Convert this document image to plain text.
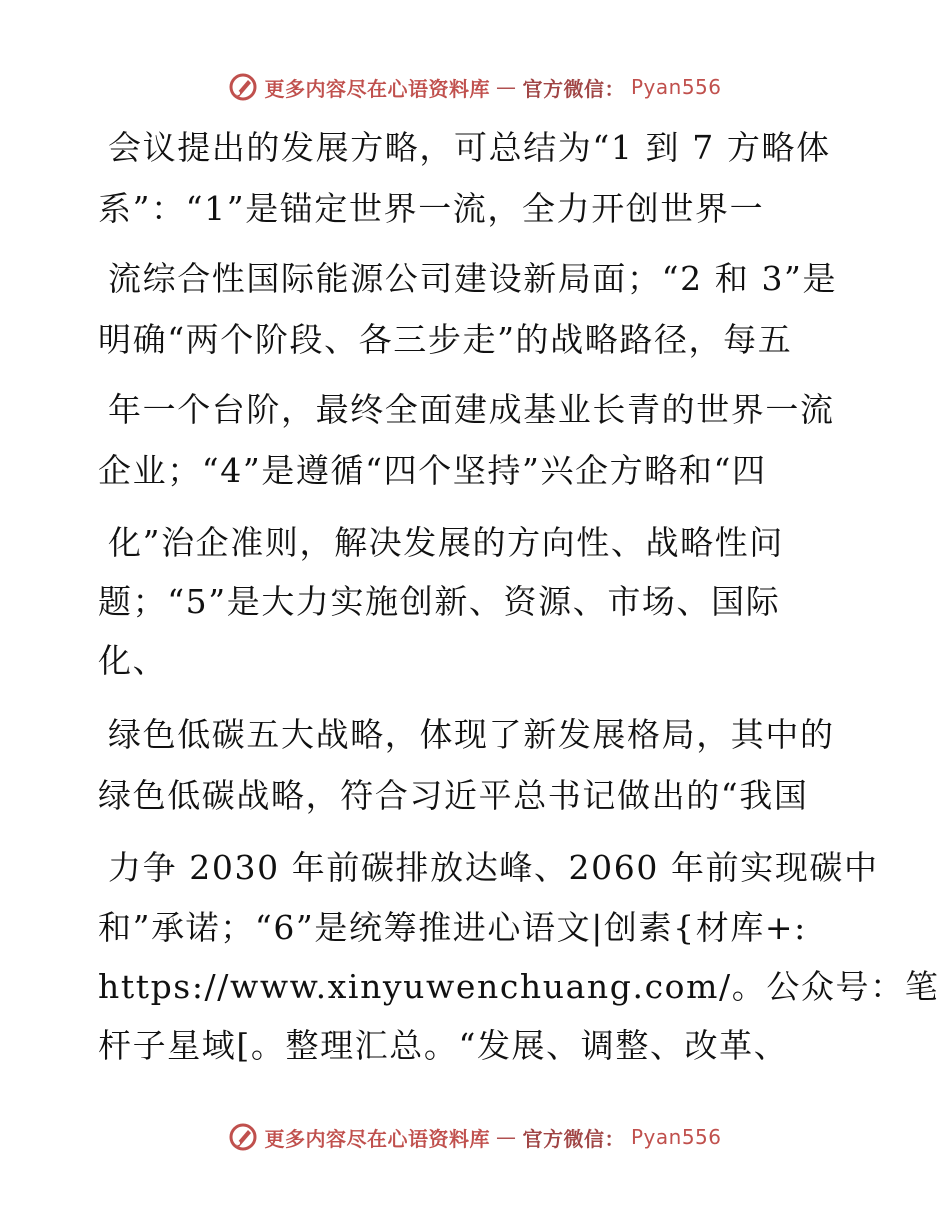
更多内容尽在心语资料库 — 官方微信： Pyan556
会议提出的发展方略，可总结为“1 到 7 方略体
系”：“1”是锚定世界一流，全力开创世界一
流综合性国际能源公司建设新局面；“2 和 3”是
明确“两个阶段、各三步走”的战略路径，每五
年一个台阶，最终全面建成基业长青的世界一流
企业；“4”是遵循“四个坚持”兴企方略和“四
化”治企准则，解决发展的方向性、战略性问
题；“5”是大力实施创新、资源、市场、国际
化、
绿色低碳五大战略，体现了新发展格局，其中的
绿色低碳战略，符合习近平总书记做出的“我国
力争 2030 年前碳排放达峰、2060 年前实现碳中
和”承诺；“6”是统筹推进心语文|创素{材库+:
https://www.xinyuwenchuang.com/。公众号：笔
杆子星域[。整理汇总。“发展、调整、改革、
更多内容尽在心语资料库 — 官方微信： Pyan556
